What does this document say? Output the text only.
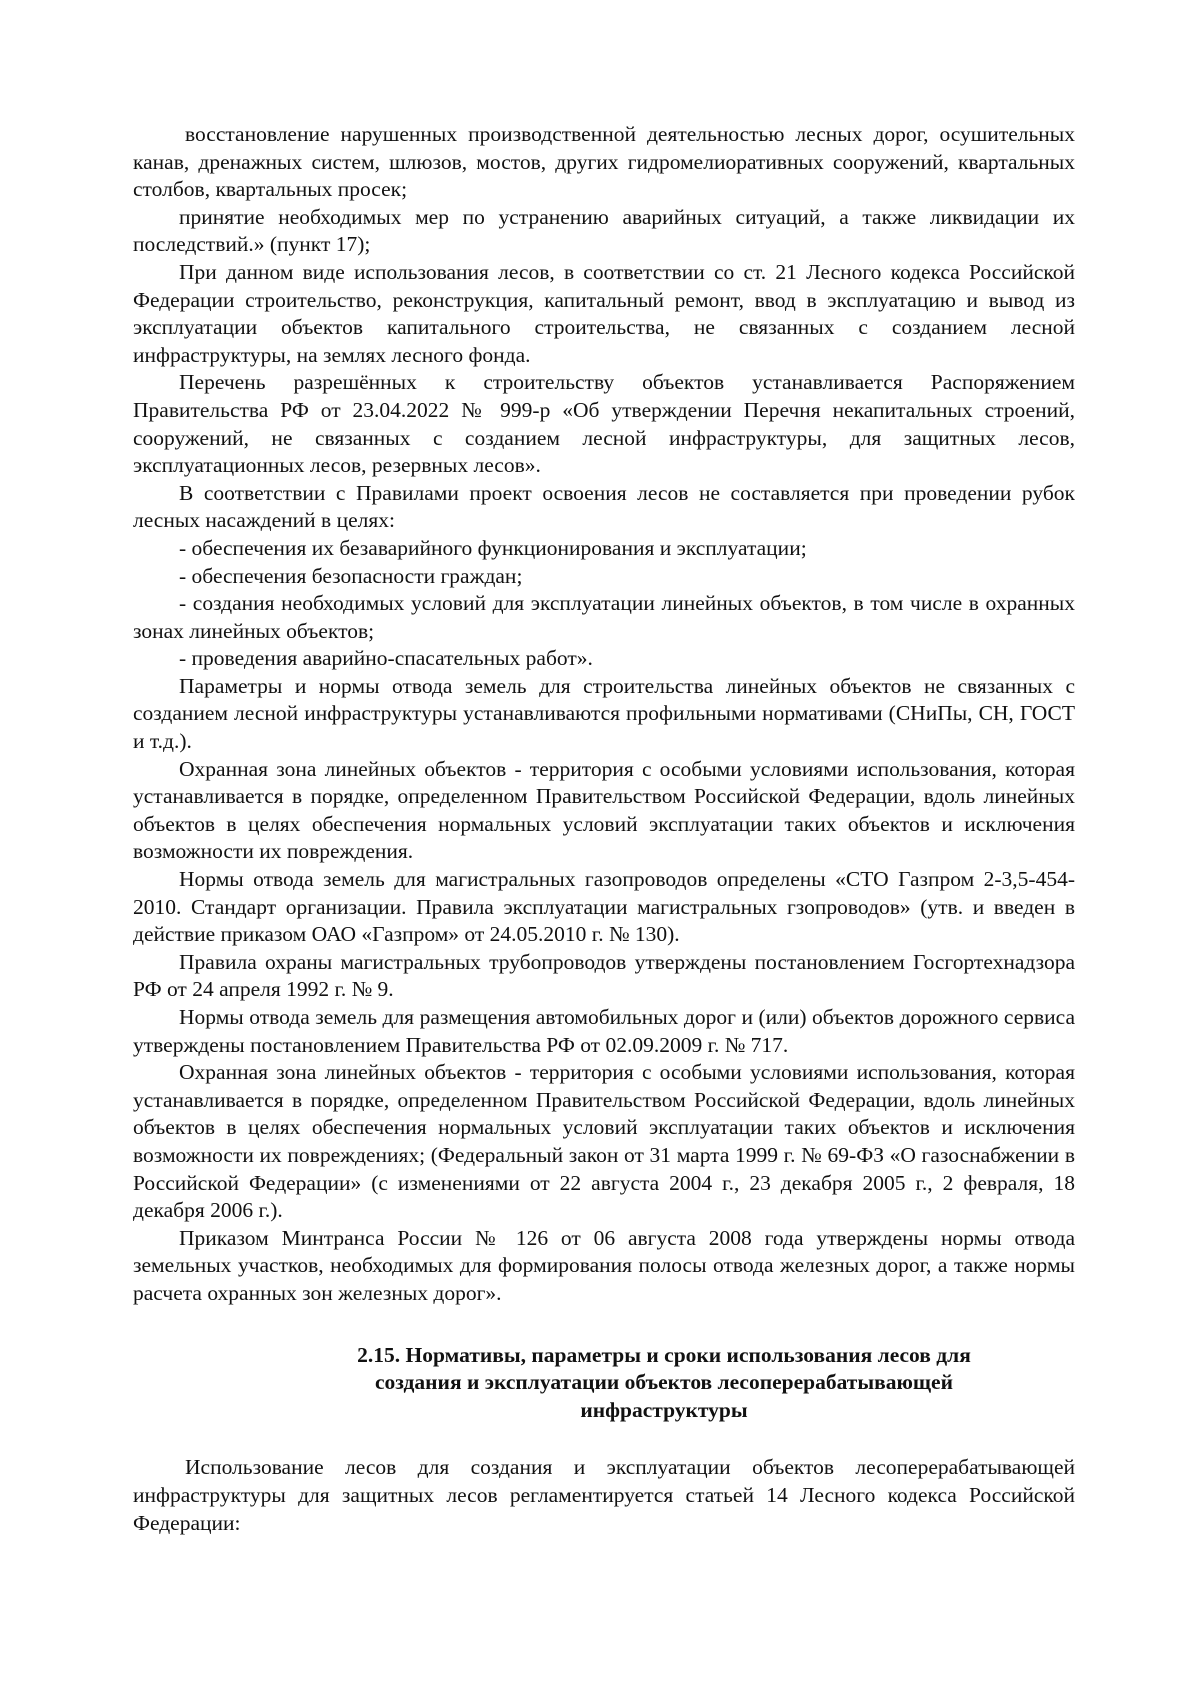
восстановление нарушенных производственной деятельностью лесных дорог, осушительных канав, дренажных систем, шлюзов, мостов, других гидромелиоративных сооружений, квартальных столбов, квартальных просек;

принятие необходимых мер по устранению аварийных ситуаций, а также ликвидации их последствий.» (пункт 17);

При данном виде использования лесов, в соответствии со ст. 21 Лесного кодекса Российской Федерации строительство, реконструкция, капитальный ремонт, ввод в эксплуатацию и вывод из эксплуатации объектов капитального строительства, не связанных с созданием лесной инфраструктуры, на землях лесного фонда.

Перечень разрешённых к строительству объектов устанавливается Распоряжением Правительства РФ от 23.04.2022 № 999-р «Об утверждении Перечня некапитальных строений, сооружений, не связанных с созданием лесной инфраструктуры, для защитных лесов, эксплуатационных лесов, резервных лесов».

В соответствии с Правилами проект освоения лесов не составляется при проведении рубок лесных насаждений в целях:

- обеспечения их безаварийного функционирования и эксплуатации;

- обеспечения безопасности граждан;

- создания необходимых условий для эксплуатации линейных объектов, в том числе в охранных зонах линейных объектов;

- проведения аварийно-спасательных работ».

Параметры и нормы отвода земель для строительства линейных объектов не связанных с созданием лесной инфраструктуры устанавливаются профильными нормативами (СНиПы, СН, ГОСТ и т.д.).

Охранная зона линейных объектов - территория с особыми условиями использования, которая устанавливается в порядке, определенном Правительством Российской Федерации, вдоль линейных объектов в целях обеспечения нормальных условий эксплуатации таких объектов и исключения возможности их повреждения.

Нормы отвода земель для магистральных газопроводов определены «СТО Газпром 2-3,5-454-2010. Стандарт организации. Правила эксплуатации магистральных гзопроводов» (утв. и введен в действие приказом ОАО «Газпром» от 24.05.2010 г. № 130).

Правила охраны магистральных трубопроводов утверждены постановлением Госгортехнадзора РФ от 24 апреля 1992 г. № 9.

Нормы отвода земель для размещения автомобильных дорог и (или) объектов дорожного сервиса утверждены постановлением Правительства РФ от 02.09.2009 г. № 717.

Охранная зона линейных объектов - территория с особыми условиями использования, которая устанавливается в порядке, определенном Правительством Российской Федерации, вдоль линейных объектов в целях обеспечения нормальных условий эксплуатации таких объектов и исключения возможности их повреждениях; (Федеральный закон от 31 марта 1999 г. № 69-ФЗ «О газоснабжении в Российской Федерации» (с изменениями от 22 августа 2004 г., 23 декабря 2005 г., 2 февраля, 18 декабря 2006 г.).

Приказом Минтранса России № 126 от 06 августа 2008 года утверждены нормы отвода земельных участков, необходимых для формирования полосы отвода железных дорог, а также нормы расчета охранных зон железных дорог».

2.15. Нормативы, параметры и сроки использования лесов для
создания и эксплуатации объектов лесоперерабатывающей
инфраструктуры

Использование лесов для создания и эксплуатации объектов лесоперерабатывающей инфраструктуры для защитных лесов регламентируется статьей 14 Лесного кодекса Российской Федерации:
